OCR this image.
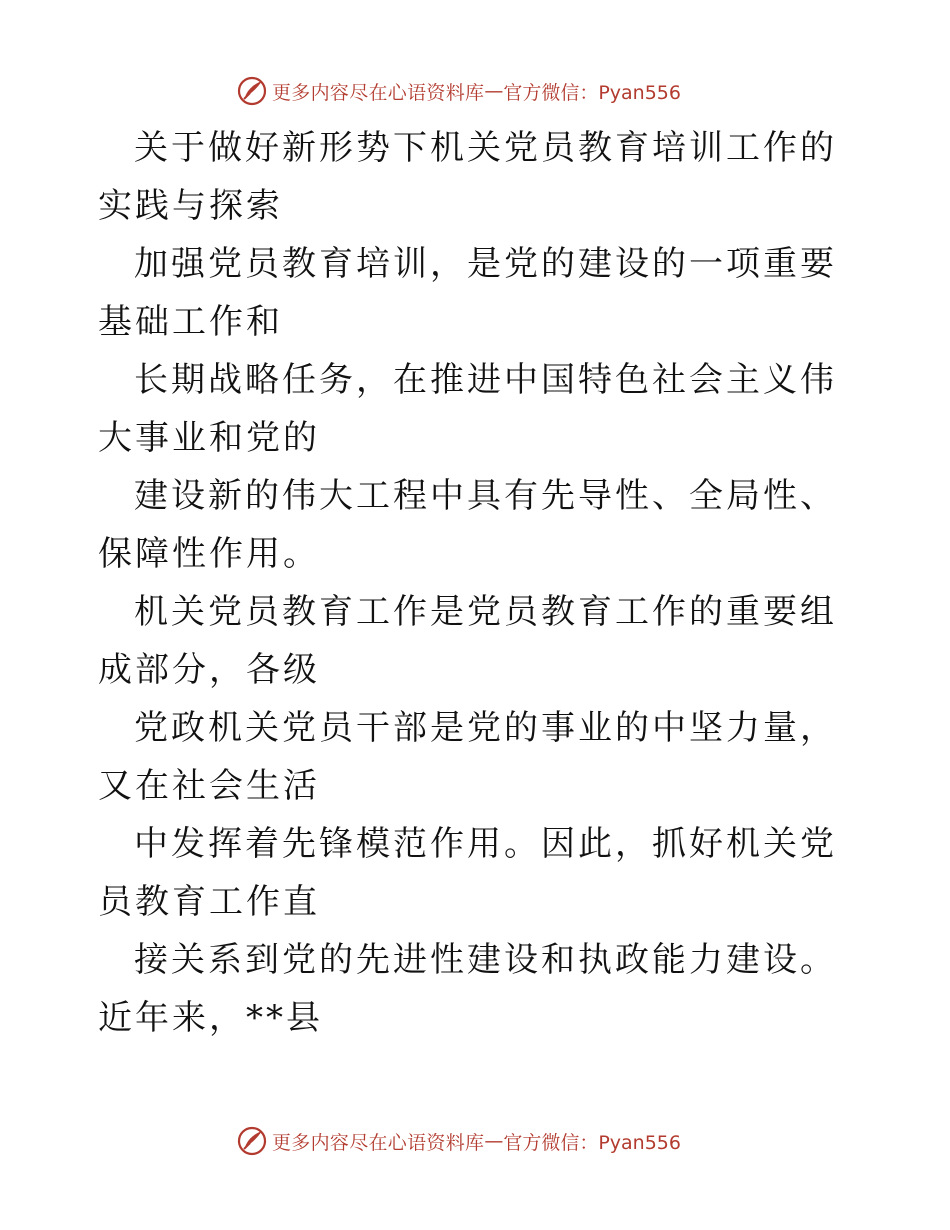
更多内容尽在心语资料库 — 官方微信：Pyan556

关于做好新形势下机关党员教育培训工作的实践与探索

加强党员教育培训，是党的建设的一项重要基础工作和

长期战略任务，在推进中国特色社会主义伟大事业和党的

建设新的伟大工程中具有先导性、全局性、保障性作用。

机关党员教育工作是党员教育工作的重要组成部分，各级

党政机关党员干部是党的事业的中坚力量，又在社会生活

中发挥着先锋模范作用。因此，抓好机关党员教育工作直

接关系到党的先进性建设和执政能力建设。近年来，**县

更多内容尽在心语资料库 — 官方微信：Pyan556
